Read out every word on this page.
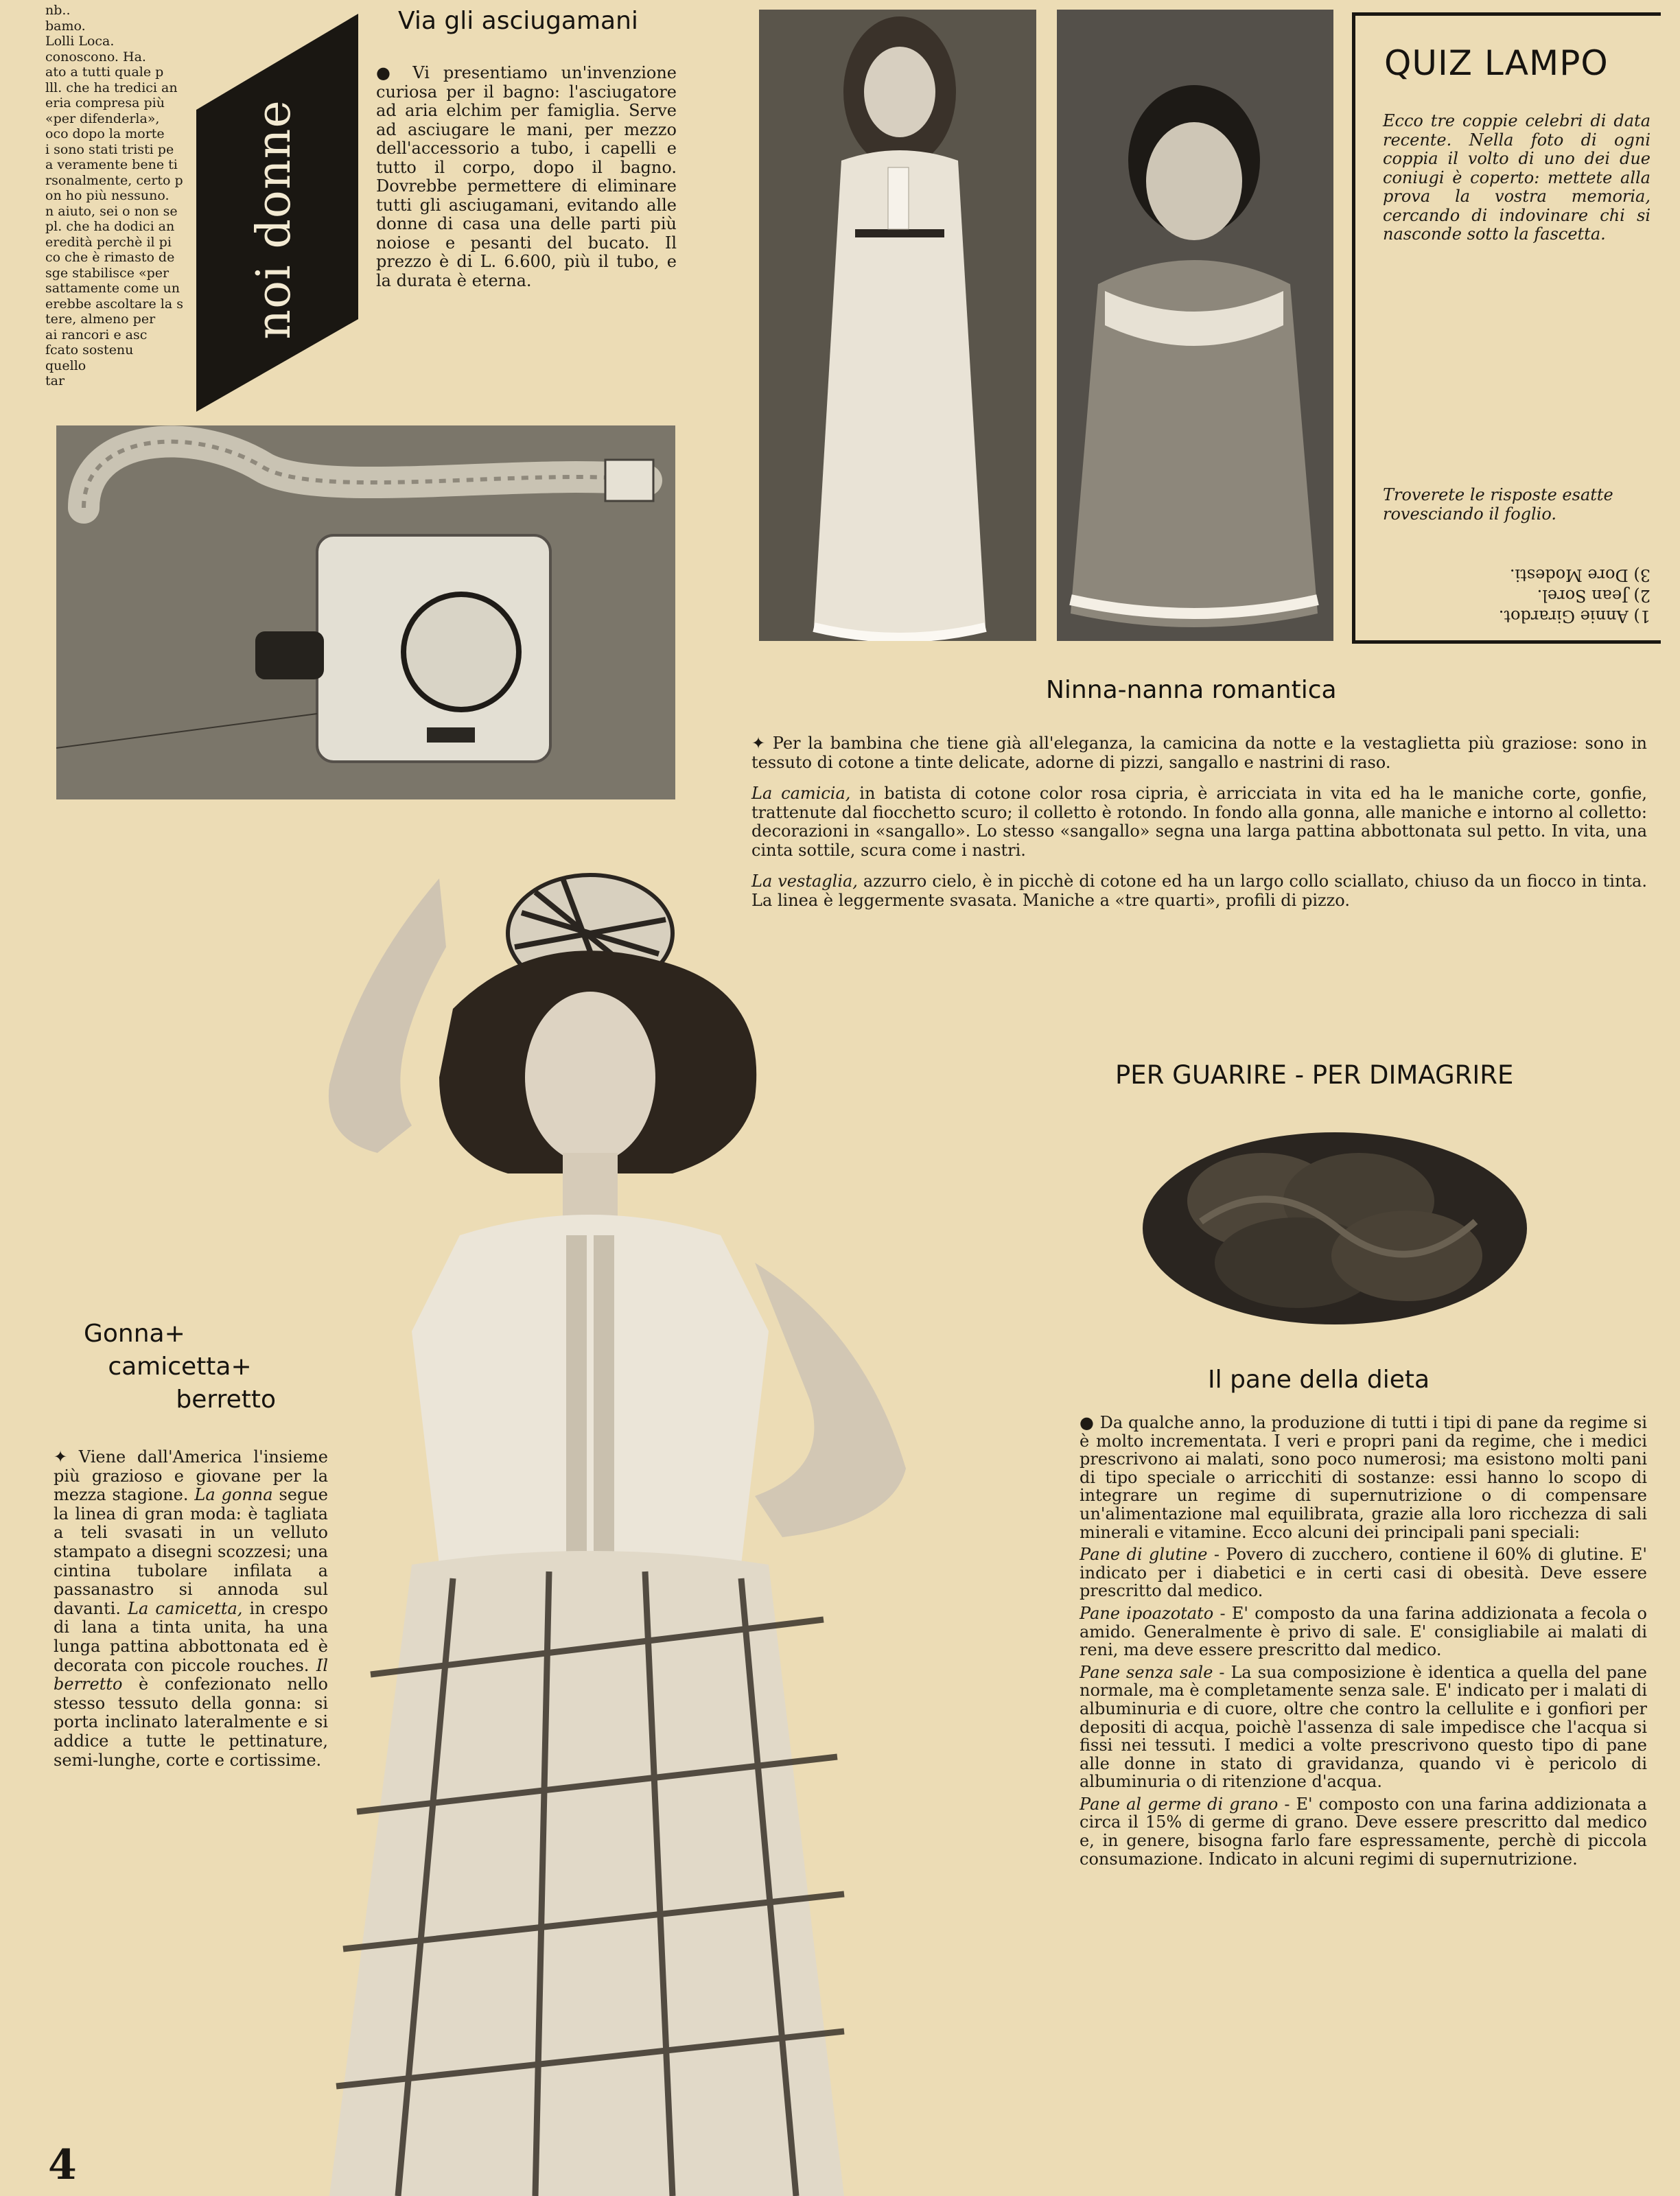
nb..
bamo.
Lolli Loca.
conoscono. Ha.
ato a tutti quale p
lll. che ha tredici an
eria compresa più
«per difenderla»,
oco dopo la morte
i sono stati tristi pe
a veramente bene ti
rsonalmente, certo p
on ho più nessuno.
n aiuto, sei o non se
pl. che ha dodici an
eredità perchè il pi
co che è rimasto de
sge stabilisce «per
sattamente come un
erebbe ascoltare la s
tere, almeno per
ai rancori e asc
fcato sostenu
quello
tar
noi donne
Via gli asciugamani
● Vi presentiamo un'invenzione curiosa per il bagno: l'asciugatore ad aria elchim per famiglia. Serve ad asciugare le mani, per mezzo dell'accessorio a tubo, i capelli e tutto il corpo, dopo il bagno. Dovrebbe permettere di eliminare tutti gli asciugamani, evitando alle donne di casa una delle parti più noiose e pesanti del bucato. Il prezzo è di L. 6.600, più il tubo, e la durata è eterna.
QUIZ LAMPO
Ecco tre coppie celebri di data recente. Nella foto di ogni coppia il volto di uno dei due coniugi è coperto: mettete alla prova la vostra memoria, cercando di indovinare chi si nasconde sotto la fascetta.
Troverete le risposte esatte rovesciando il foglio.
1) Annie Girardot.
2) Jean Sorel.
3) Dore Modesti.
Ninna-nanna romantica

✦ Per la bambina che tiene già all'eleganza, la camicina da notte e la vestaglietta più graziose: sono in tessuto di cotone a tinte delicate, adorne di pizzi, sangallo e nastrini di raso.

La camicia, in batista di cotone color rosa cipria, è arricciata in vita ed ha le maniche corte, gonfie, trattenute dal fiocchetto scuro; il colletto è rotondo. In fondo alla gonna, alle maniche e intorno al colletto: decorazioni in «sangallo». Lo stesso «sangallo» segna una larga pattina abbottonata sul petto. In vita, una cinta sottile, scura come i nastri.

La vestaglia, azzurro cielo, è in picchè di cotone ed ha un largo collo sciallato, chiuso da un fiocco in tinta. La linea è leggermente svasata. Maniche a «tre quarti», profili di pizzo.

PER GUARIRE - PER DIMAGRIRE
Il pane della dieta

● Da qualche anno, la produzione di tutti i tipi di pane da regime si è molto incrementata. I veri e propri pani da regime, che i medici prescrivono ai malati, sono poco numerosi; ma esistono molti pani di tipo speciale o arricchiti di sostanze: essi hanno lo scopo di integrare un regime di supernutrizione o di compensare un'alimentazione mal equilibrata, grazie alla loro ricchezza di sali minerali e vitamine. Ecco alcuni dei principali pani speciali:

Pane di glutine - Povero di zucchero, contiene il 60% di glutine. E' indicato per i diabetici e in certi casi di obesità. Deve essere prescritto dal medico.

Pane ipoazotato - E' composto da una farina addizionata a fecola o amido. Generalmente è privo di sale. E' consigliabile ai malati di reni, ma deve essere prescritto dal medico.

Pane senza sale - La sua composizione è identica a quella del pane normale, ma è completamente senza sale. E' indicato per i malati di albuminuria e di cuore, oltre che contro la cellulite e i gonfiori per depositi di acqua, poichè l'assenza di sale impedisce che l'acqua si fissi nei tessuti. I medici a volte prescrivono questo tipo di pane alle donne in stato di gravidanza, quando vi è pericolo di albuminuria o di ritenzione d'acqua.

Pane al germe di grano - E' composto con una farina addizionata a circa il 15% di germe di grano. Deve essere prescritto dal medico e, in genere, bisogna farlo fare espressamente, perchè di piccola consumazione. Indicato in alcuni regimi di supernutrizione.

Gonna+
camicetta+
berretto
✦ Viene dall'America l'insieme più grazioso e giovane per la mezza stagione. La gonna segue la linea di gran moda: è tagliata a teli svasati in un velluto stampato a disegni scozzesi; una cintina tubolare infilata a passanastro si annoda sul davanti. La camicetta, in crespo di lana a tinta unita, ha una lunga pattina abbottonata ed è decorata con piccole rouches. Il berretto è confezionato nello stesso tessuto della gonna: si porta inclinato lateralmente e si addice a tutte le pettinature, semi-lunghe, corte e cortissime.
4
